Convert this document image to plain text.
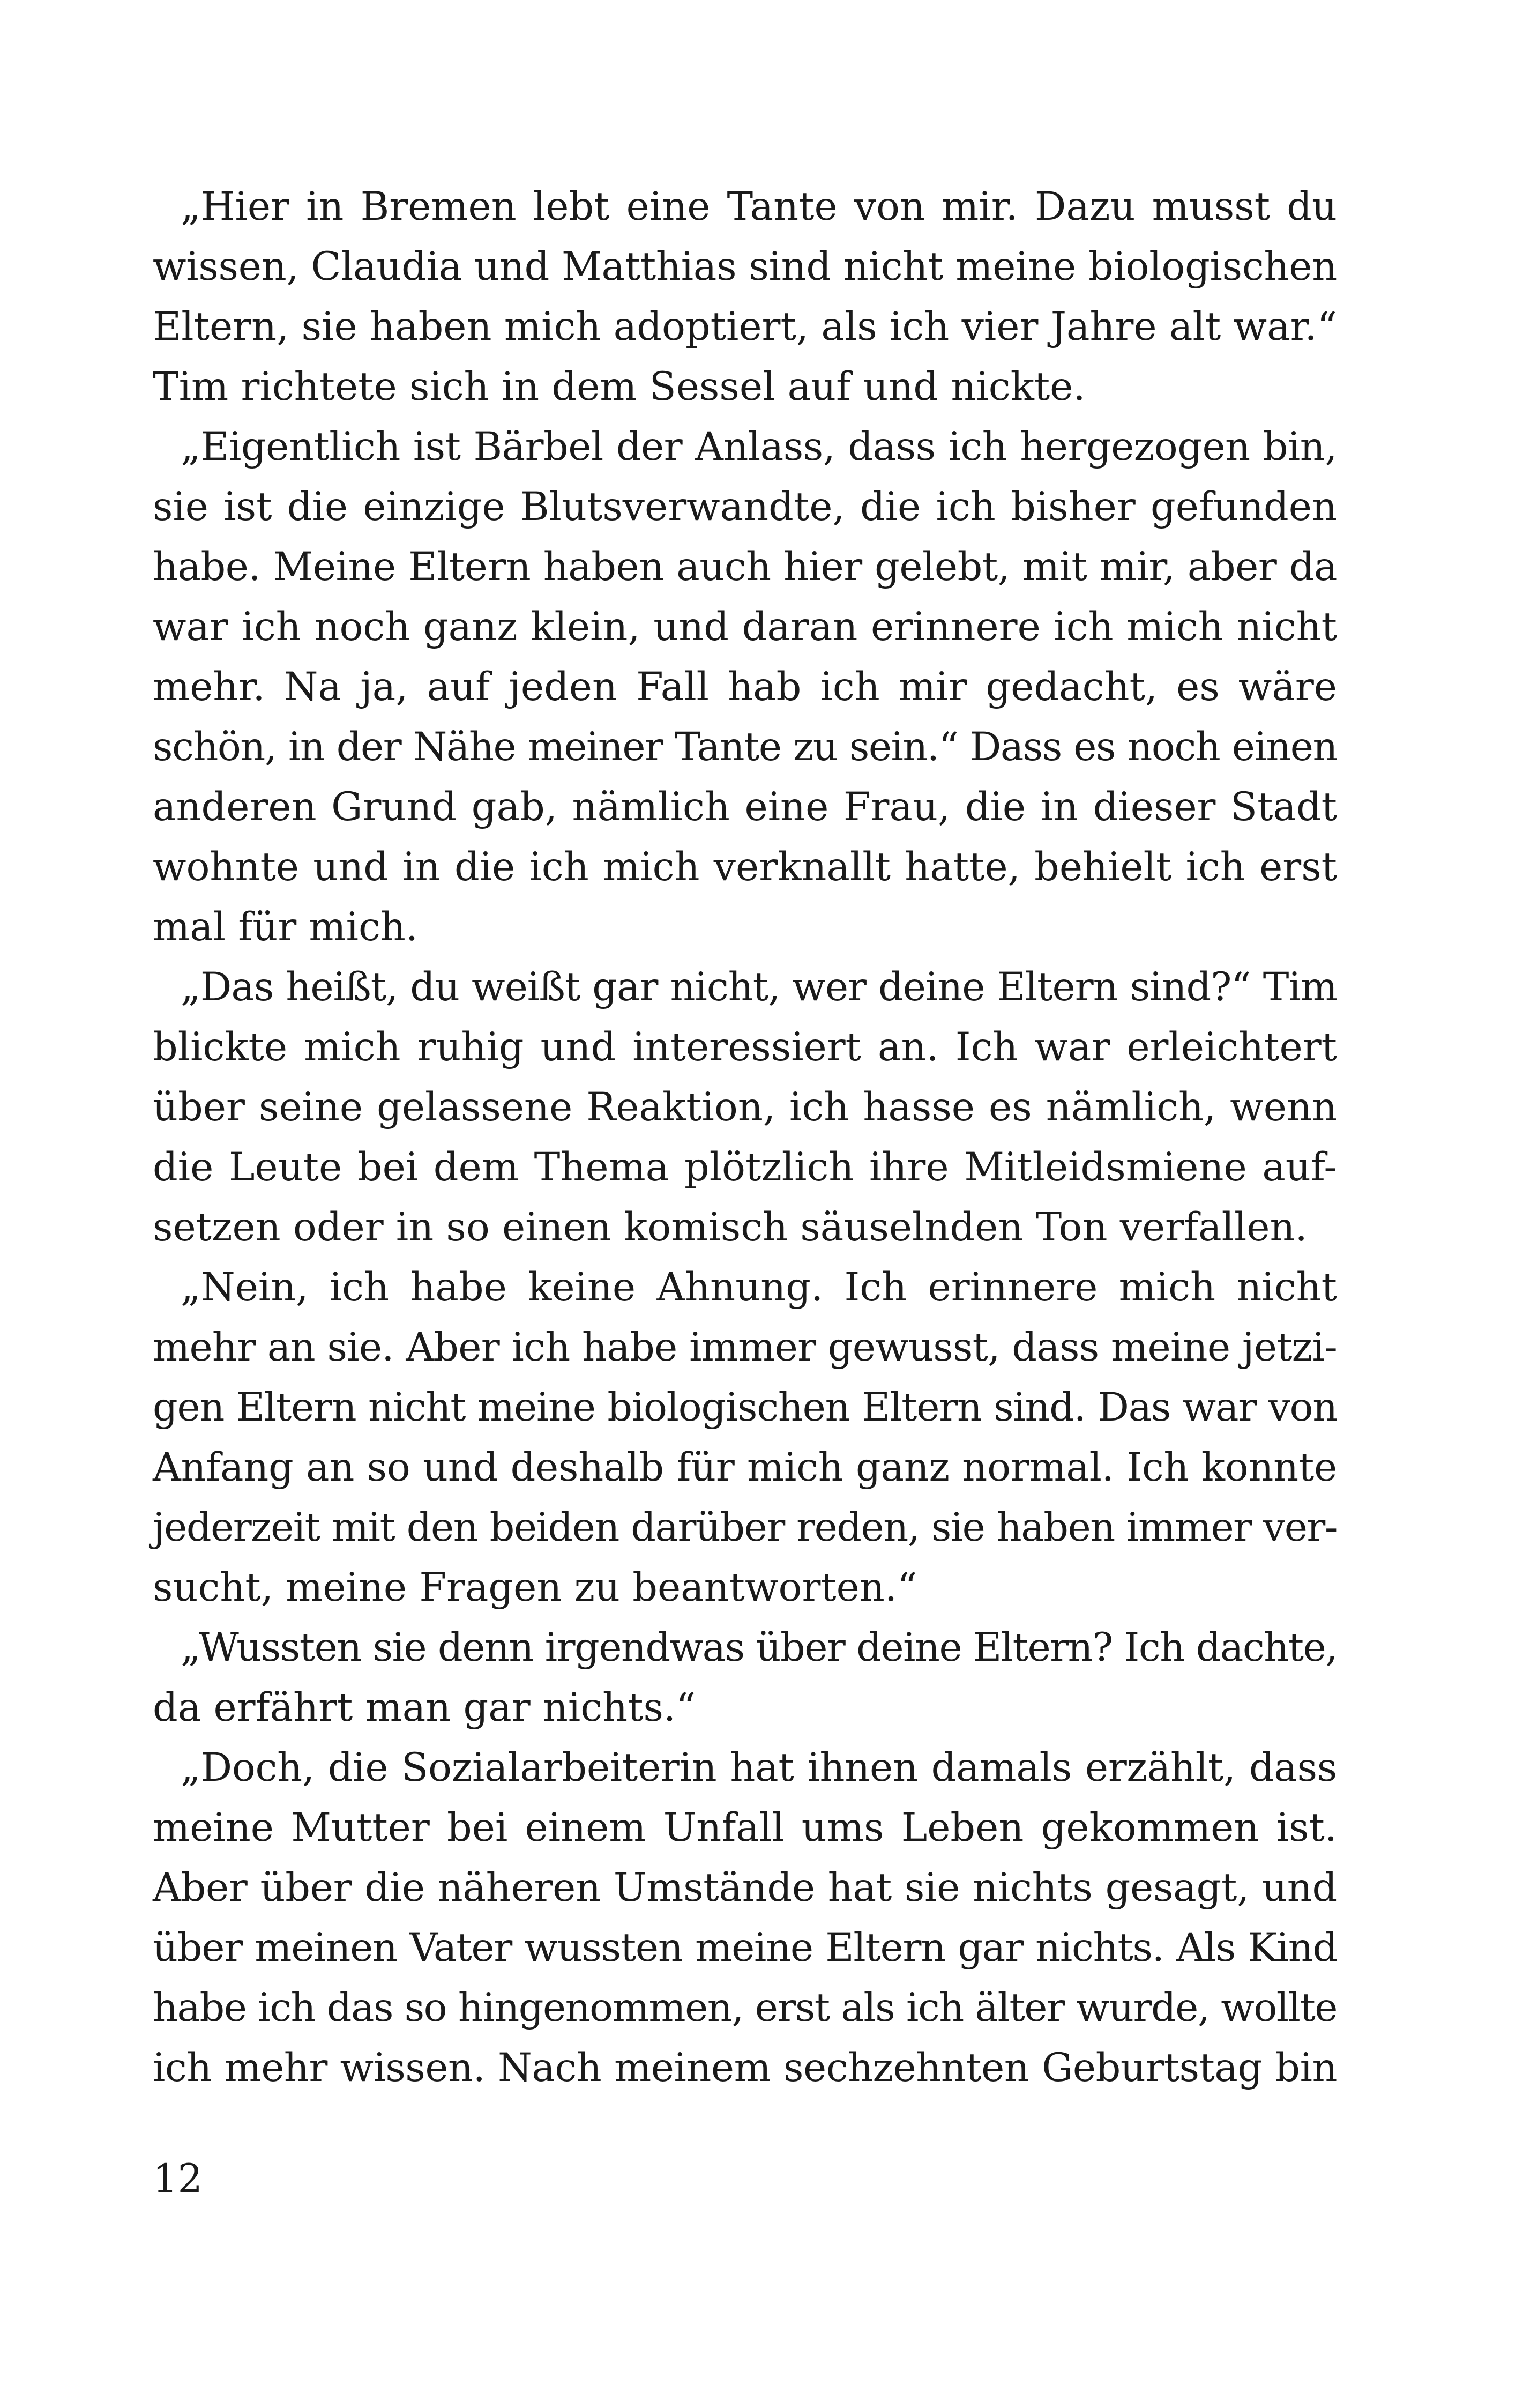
„Hier in Bremen lebt eine Tante von mir. Dazu musst du
wissen, Claudia und Matthias sind nicht meine biologischen
Eltern, sie haben mich adoptiert, als ich vier Jahre alt war.“
Tim richtete sich in dem Sessel auf und nickte.
„Eigentlich ist Bärbel der Anlass, dass ich hergezogen bin,
sie ist die einzige Blutsverwandte, die ich bisher gefunden
habe. Meine Eltern haben auch hier gelebt, mit mir, aber da
war ich noch ganz klein, und daran erinnere ich mich nicht
mehr. Na ja, auf jeden Fall hab ich mir gedacht, es wäre
schön, in der Nähe meiner Tante zu sein.“ Dass es noch einen
anderen Grund gab, nämlich eine Frau, die in dieser Stadt
wohnte und in die ich mich verknallt hatte, behielt ich erst
mal für mich.
„Das heißt, du weißt gar nicht, wer deine Eltern sind?“ Tim
blickte mich ruhig und interessiert an. Ich war erleichtert
über seine gelassene Reaktion, ich hasse es nämlich, wenn
die Leute bei dem Thema plötzlich ihre Mitleidsmiene auf-
setzen oder in so einen komisch säuselnden Ton verfallen.
„Nein, ich habe keine Ahnung. Ich erinnere mich nicht
mehr an sie. Aber ich habe immer gewusst, dass meine jetzi-
gen Eltern nicht meine biologischen Eltern sind. Das war von
Anfang an so und deshalb für mich ganz normal. Ich konnte
jederzeit mit den beiden darüber reden, sie haben immer ver-
sucht, meine Fragen zu beantworten.“
„Wussten sie denn irgendwas über deine Eltern? Ich dachte,
da erfährt man gar nichts.“
„Doch, die Sozialarbeiterin hat ihnen damals erzählt, dass
meine Mutter bei einem Unfall ums Leben gekommen ist.
Aber über die näheren Umstände hat sie nichts gesagt, und
über meinen Vater wussten meine Eltern gar nichts. Als Kind
habe ich das so hingenommen, erst als ich älter wurde, wollte
ich mehr wissen. Nach meinem sechzehnten Geburtstag bin
12
